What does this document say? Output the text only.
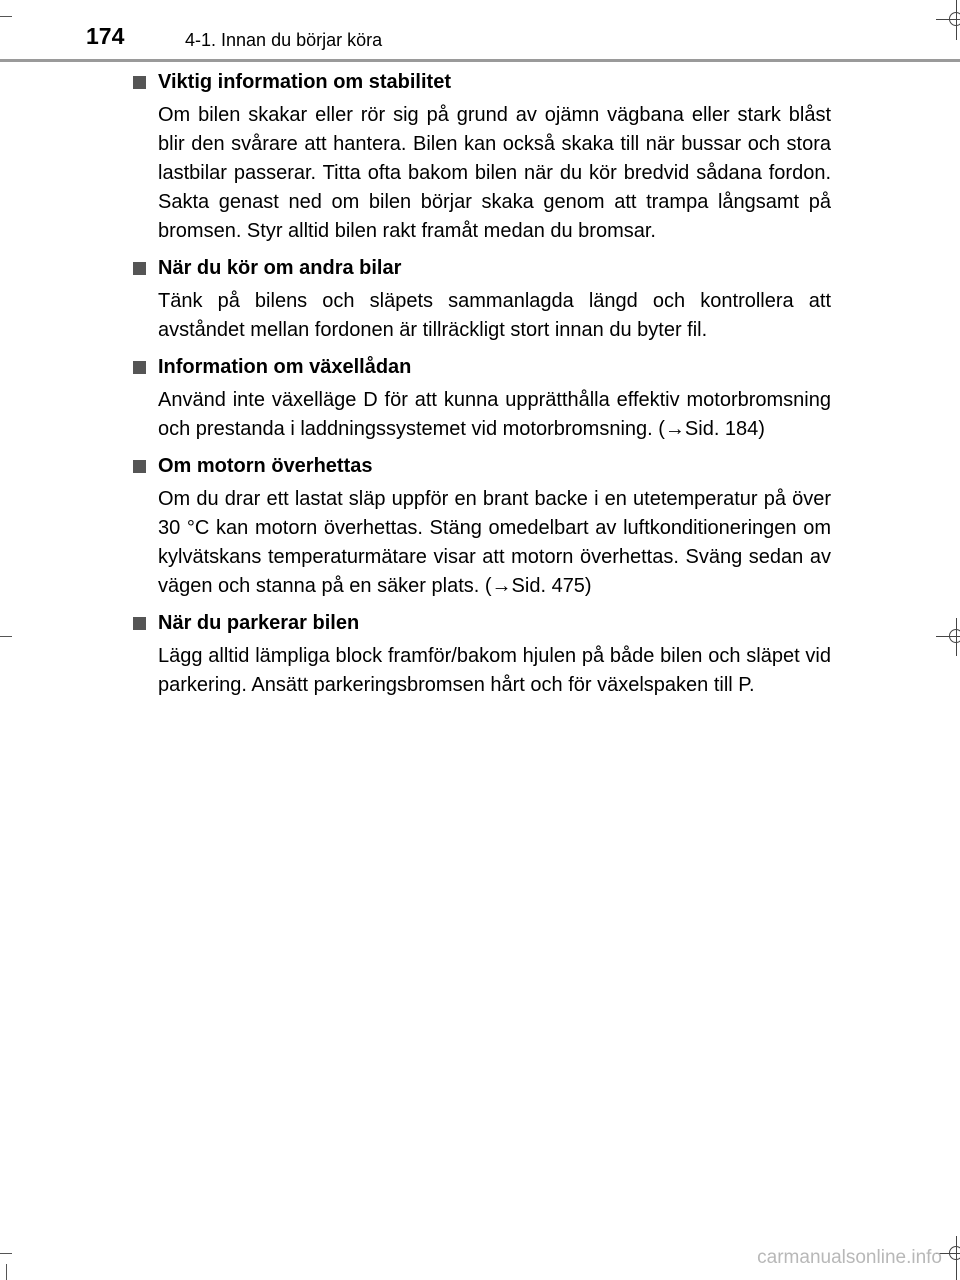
174	4-1. Innan du börjar köra
Viktig information om stabilitet

Om bilen skakar eller rör sig på grund av ojämn vägbana eller stark blåst blir den svårare att hantera. Bilen kan också skaka till när bussar och stora lastbilar passerar. Titta ofta bakom bilen när du kör bredvid sådana fordon. Sakta genast ned om bilen börjar skaka genom att trampa långsamt på bromsen. Styr alltid bilen rakt framåt medan du bromsar.

När du kör om andra bilar

Tänk på bilens och släpets sammanlagda längd och kontrollera att avståndet mellan fordonen är tillräckligt stort innan du byter fil.

Information om växellådan

Använd inte växelläge D för att kunna upprätthålla effektiv motorbromsning och prestanda i laddningssystemet vid motorbromsning. (→Sid. 184)

Om motorn överhettas

Om du drar ett lastat släp uppför en brant backe i en utetemperatur på över 30 °C kan motorn överhettas. Stäng omedelbart av luftkonditioneringen om kylvätskans temperaturmätare visar att motorn överhettas. Sväng sedan av vägen och stanna på en säker plats. (→Sid. 475)

När du parkerar bilen

Lägg alltid lämpliga block framför/bakom hjulen på både bilen och släpet vid parkering. Ansätt parkeringsbromsen hårt och för växelspaken till P.

carmanualsonline.info
